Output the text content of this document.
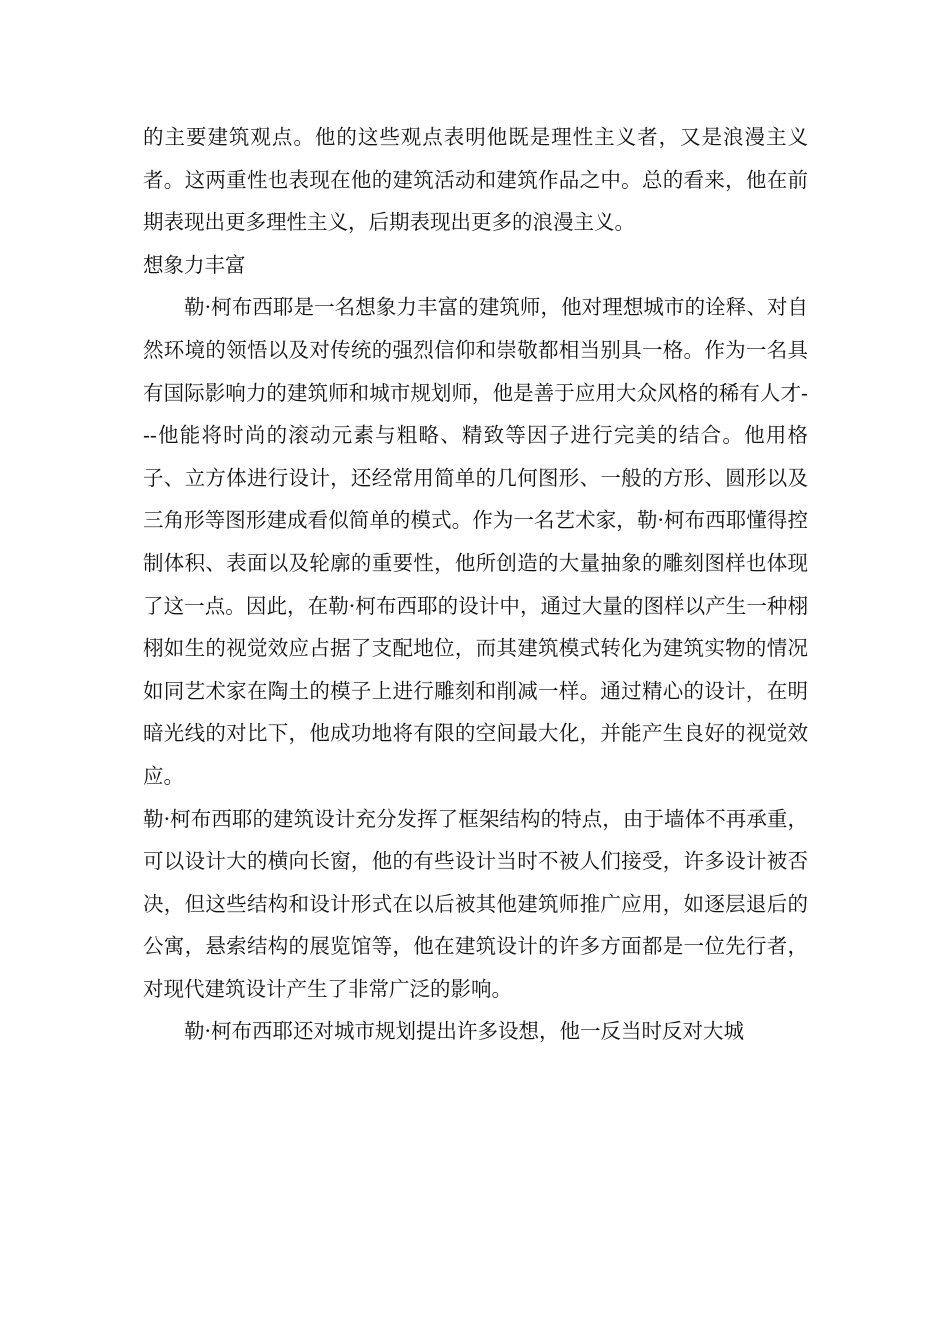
的主要建筑观点。他的这些观点表明他既是理性主义者，又是浪漫主义者。这两重性也表现在他的建筑活动和建筑作品之中。总的看来，他在前期表现出更多理性主义，后期表现出更多的浪漫主义。

想象力丰富

勒·柯布西耶是一名想象力丰富的建筑师，他对理想城市的诠释、对自然环境的领悟以及对传统的强烈信仰和崇敬都相当别具一格。作为一名具有国际影响力的建筑师和城市规划师，他是善于应用大众风格的稀有人才---他能将时尚的滚动元素与粗略、精致等因子进行完美的结合。他用格子、立方体进行设计，还经常用简单的几何图形、一般的方形、圆形以及三角形等图形建成看似简单的模式。作为一名艺术家，勒·柯布西耶懂得控制体积、表面以及轮廓的重要性，他所创造的大量抽象的雕刻图样也体现了这一点。因此，在勒·柯布西耶的设计中，通过大量的图样以产生一种栩栩如生的视觉效应占据了支配地位，而其建筑模式转化为建筑实物的情况如同艺术家在陶土的模子上进行雕刻和削减一样。通过精心的设计，在明暗光线的对比下，他成功地将有限的空间最大化，并能产生良好的视觉效应。

勒·柯布西耶的建筑设计充分发挥了框架结构的特点，由于墙体不再承重，可以设计大的横向长窗，他的有些设计当时不被人们接受，许多设计被否决，但这些结构和设计形式在以后被其他建筑师推广应用，如逐层退后的公寓，悬索结构的展览馆等，他在建筑设计的许多方面都是一位先行者，对现代建筑设计产生了非常广泛的影响。

勒·柯布西耶还对城市规划提出许多设想，他一反当时反对大城
